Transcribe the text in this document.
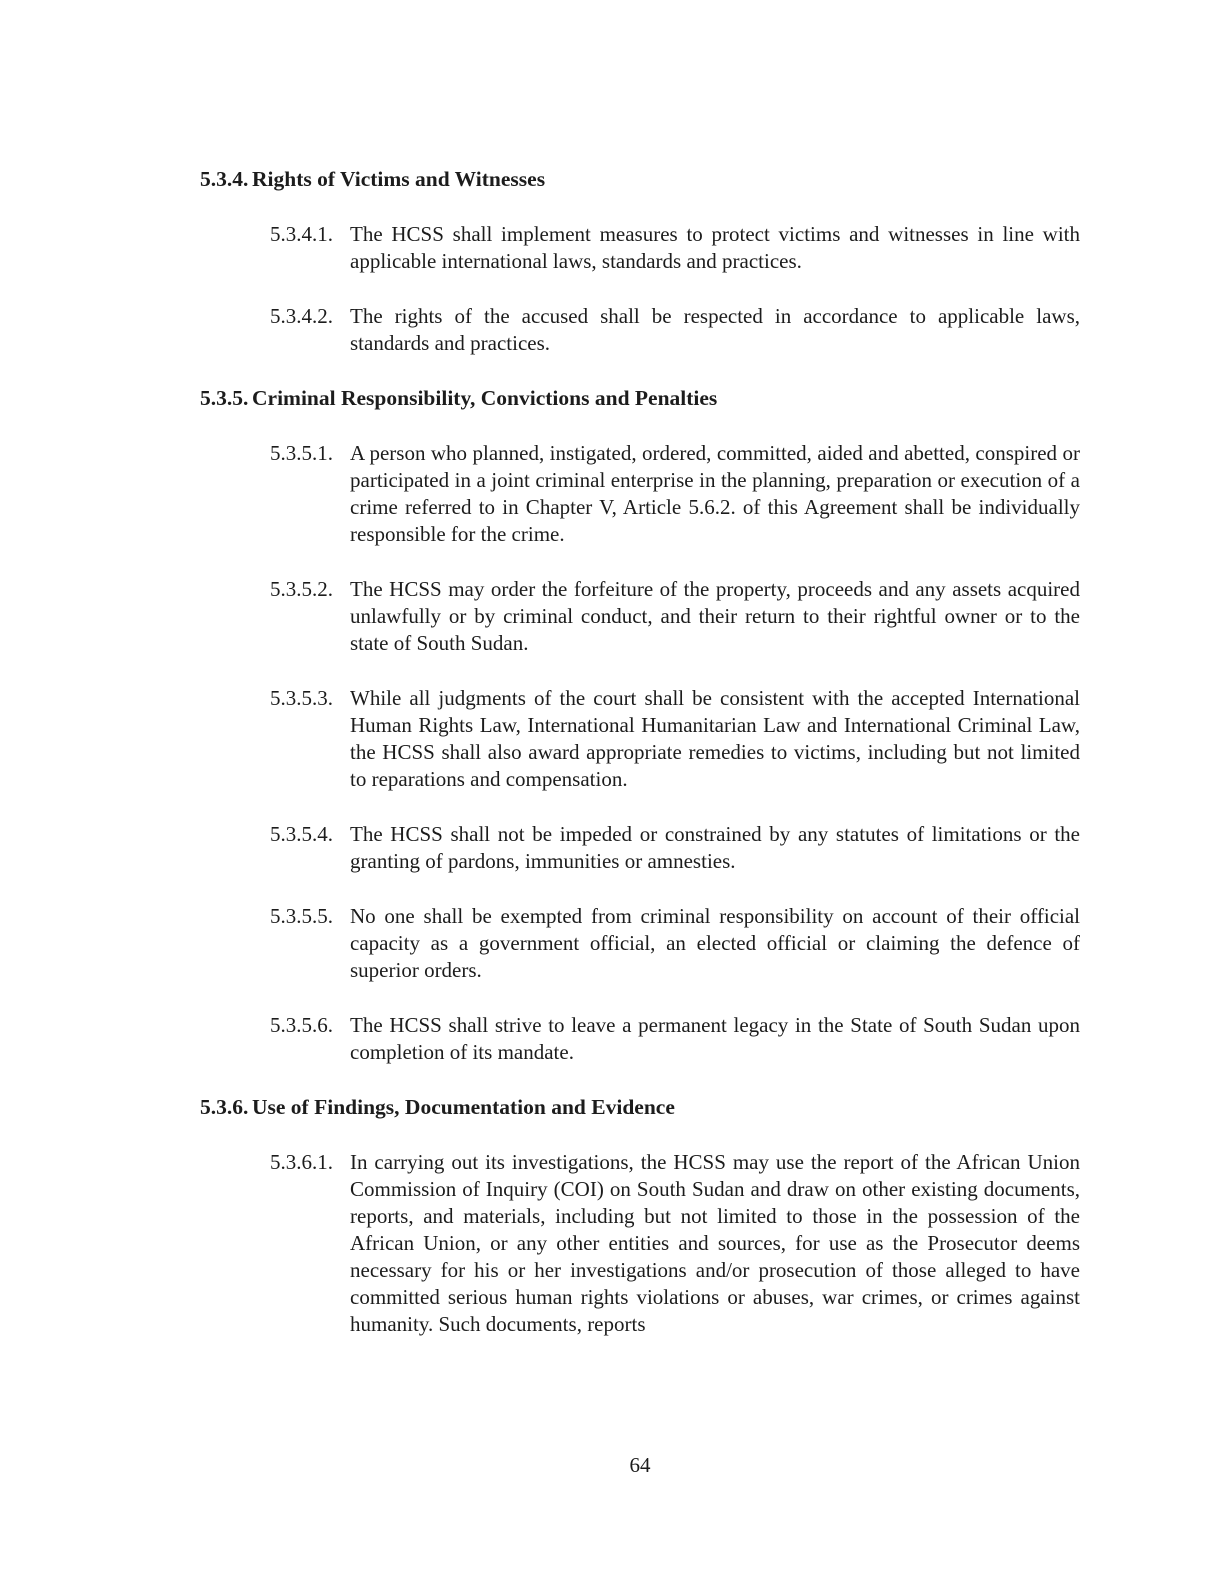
5.3.4. Rights of Victims and Witnesses

5.3.4.1. The HCSS shall implement measures to protect victims and witnesses in line with applicable international laws, standards and practices.

5.3.4.2. The rights of the accused shall be respected in accordance to applicable laws, standards and practices.

5.3.5. Criminal Responsibility, Convictions and Penalties

5.3.5.1. A person who planned, instigated, ordered, committed, aided and abetted, conspired or participated in a joint criminal enterprise in the planning, preparation or execution of a crime referred to in Chapter V, Article 5.6.2. of this Agreement shall be individually responsible for the crime.

5.3.5.2. The HCSS may order the forfeiture of the property, proceeds and any assets acquired unlawfully or by criminal conduct, and their return to their rightful owner or to the state of South Sudan.

5.3.5.3. While all judgments of the court shall be consistent with the accepted International Human Rights Law, International Humanitarian Law and International Criminal Law, the HCSS shall also award appropriate remedies to victims, including but not limited to reparations and compensation.

5.3.5.4. The HCSS shall not be impeded or constrained by any statutes of limitations or the granting of pardons, immunities or amnesties.

5.3.5.5. No one shall be exempted from criminal responsibility on account of their official capacity as a government official, an elected official or claiming the defence of superior orders.

5.3.5.6. The HCSS shall strive to leave a permanent legacy in the State of South Sudan upon completion of its mandate.

5.3.6. Use of Findings, Documentation and Evidence

5.3.6.1. In carrying out its investigations, the HCSS may use the report of the African Union Commission of Inquiry (COI) on South Sudan and draw on other existing documents, reports, and materials, including but not limited to those in the possession of the African Union, or any other entities and sources, for use as the Prosecutor deems necessary for his or her investigations and/or prosecution of those alleged to have committed serious human rights violations or abuses, war crimes, or crimes against humanity. Such documents, reports

64
